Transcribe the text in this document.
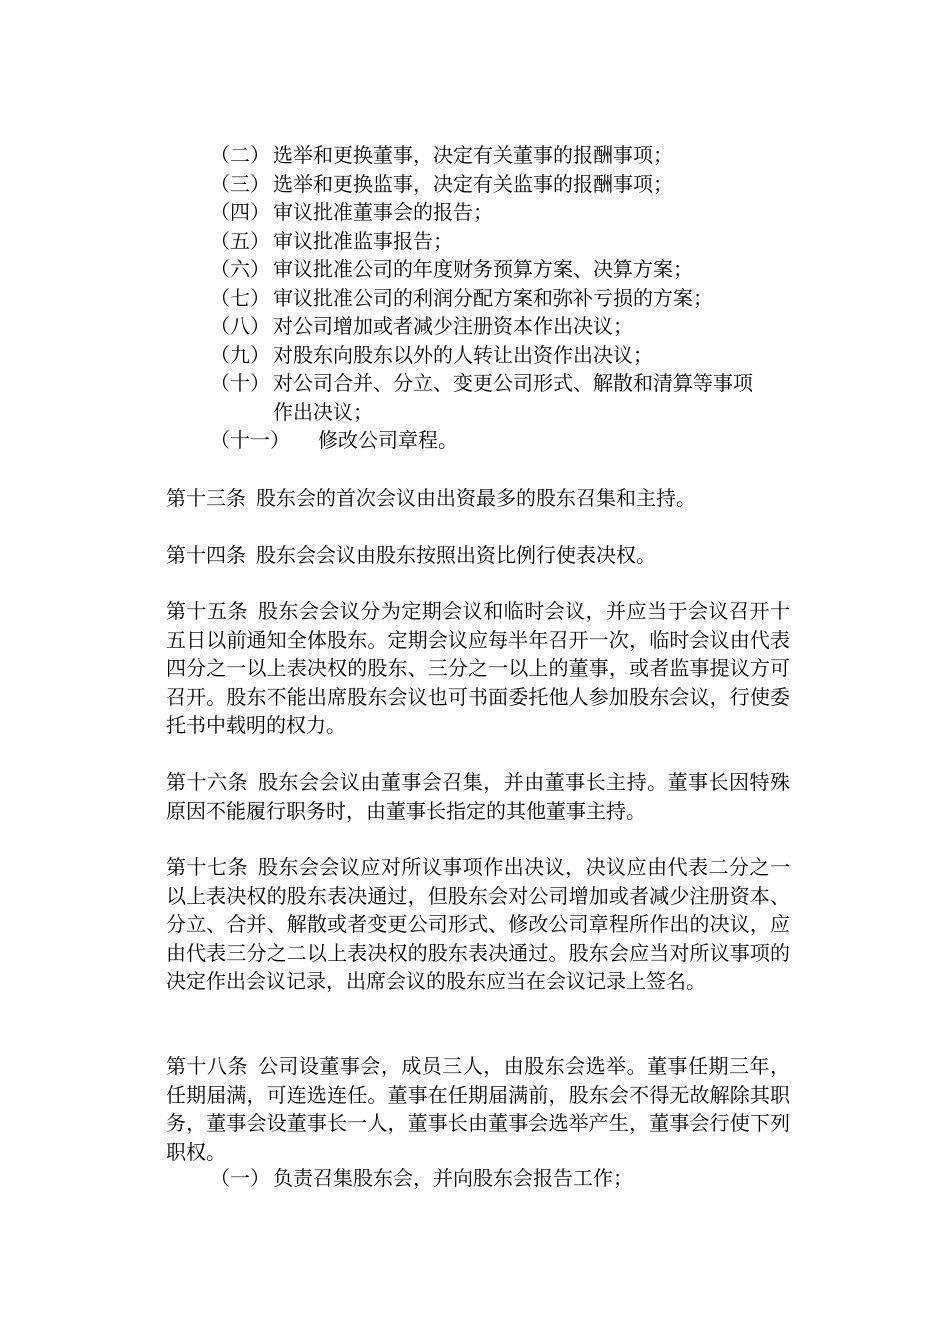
（二） 选举和更换董事，决定有关董事的报酬事项；
（三） 选举和更换监事，决定有关监事的报酬事项；
（四） 审议批准董事会的报告；
（五） 审议批准监事报告；
（六） 审议批准公司的年度财务预算方案、决算方案；
（七） 审议批准公司的利润分配方案和弥补亏损的方案；
（八） 对公司增加或者减少注册资本作出决议；
（九） 对股东向股东以外的人转让出资作出决议；
（十） 对公司合并、分立、变更公司形式、解散和清算等事项
作出决议；
（十一）	修改公司章程。
第十三条 股东会的首次会议由出资最多的股东召集和主持。
第十四条 股东会会议由股东按照出资比例行使表决权。
第十五条 股东会会议分为定期会议和临时会议，并应当于会议召开十五日以前通知全体股东。定期会议应每半年召开一次，临时会议由代表四分之一以上表决权的股东、三分之一以上的董事，或者监事提议方可召开。股东不能出席股东会议也可书面委托他人参加股东会议，行使委托书中载明的权力。
第十六条 股东会会议由董事会召集，并由董事长主持。董事长因特殊原因不能履行职务时，由董事长指定的其他董事主持。
第十七条 股东会会议应对所议事项作出决议，决议应由代表二分之一以上表决权的股东表决通过，但股东会对公司增加或者减少注册资本、分立、合并、解散或者变更公司形式、修改公司章程所作出的决议，应由代表三分之二以上表决权的股东表决通过。股东会应当对所议事项的决定作出会议记录，出席会议的股东应当在会议记录上签名。
第十八条 公司设董事会，成员三人，由股东会选举。董事任期三年，任期届满，可连选连任。董事在任期届满前，股东会不得无故解除其职务，董事会设董事长一人，董事长由董事会选举产生，董事会行使下列职权。
（一） 负责召集股东会，并向股东会报告工作；
